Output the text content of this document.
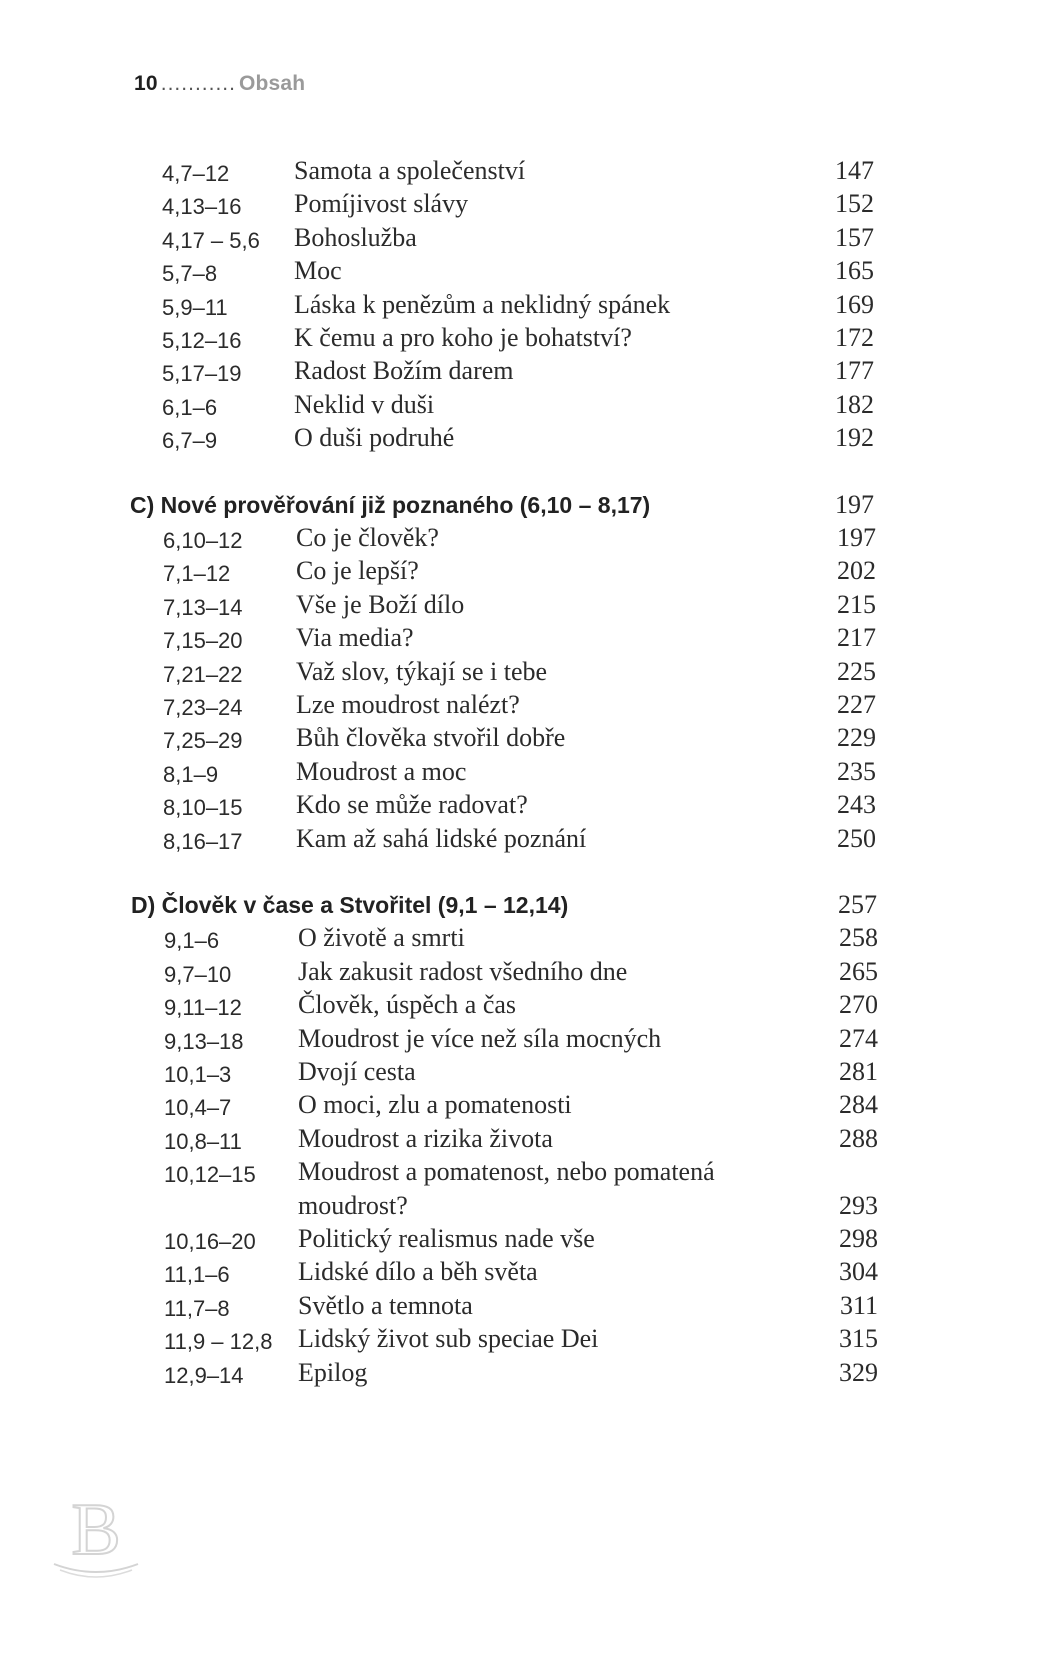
10 ........... Obsah
4,7–12 Samota a společenství	147
4,13–16 Pomíjivost slávy	152
4,17 – 5,6 Bohoslužba	157
5,7–8	Moc	165
5,9–11	Láska k penězům a neklidný spánek	169
5,12–16 K čemu a pro koho je bohatství?	172
5,17–19 Radost Božím darem	177
6,1–6	Neklid v duši	182
6,7–9	O duši podruhé	192
C) Nové prověřování již poznaného (6,10 – 8,17)	197
6,10–12 Co je člověk?	197
7,1–12	Co je lepší?	202
7,13–14 Vše je Boží dílo	215
7,15–20 Via media?	217
7,21–22 Važ slov, týkají se i tebe	225
7,23–24 Lze moudrost nalézt?	227
7,25–29 Bůh člověka stvořil dobře	229
8,1–9	Moudrost a moc	235
8,10–15 Kdo se může radovat?	243
8,16–17 Kam až sahá lidské poznání	250
D) Člověk v čase a Stvořitel (9,1 – 12,14)	257
9,1–6	O životě a smrti	258
9,7–10	Jak zakusit radost všedního dne	265
9,11–12 Člověk, úspěch a čas	270
9,13–18 Moudrost je více než síla mocných	274
10,1–3	Dvojí cesta	281
10,4–7	O moci, zlu a pomatenosti	284
10,8–11 Moudrost a rizika života	288
10,12–15 Moudrost a pomatenost, nebo pomatená
moudrost?	293
10,16–20 Politický realismus nade vše	298
11,1–6	Lidské dílo a běh světa	304
11,7–8	Světlo a temnota	311
11,9 – 12,8 Lidský život sub speciae Dei	315
12,9–14 Epilog	329
B
